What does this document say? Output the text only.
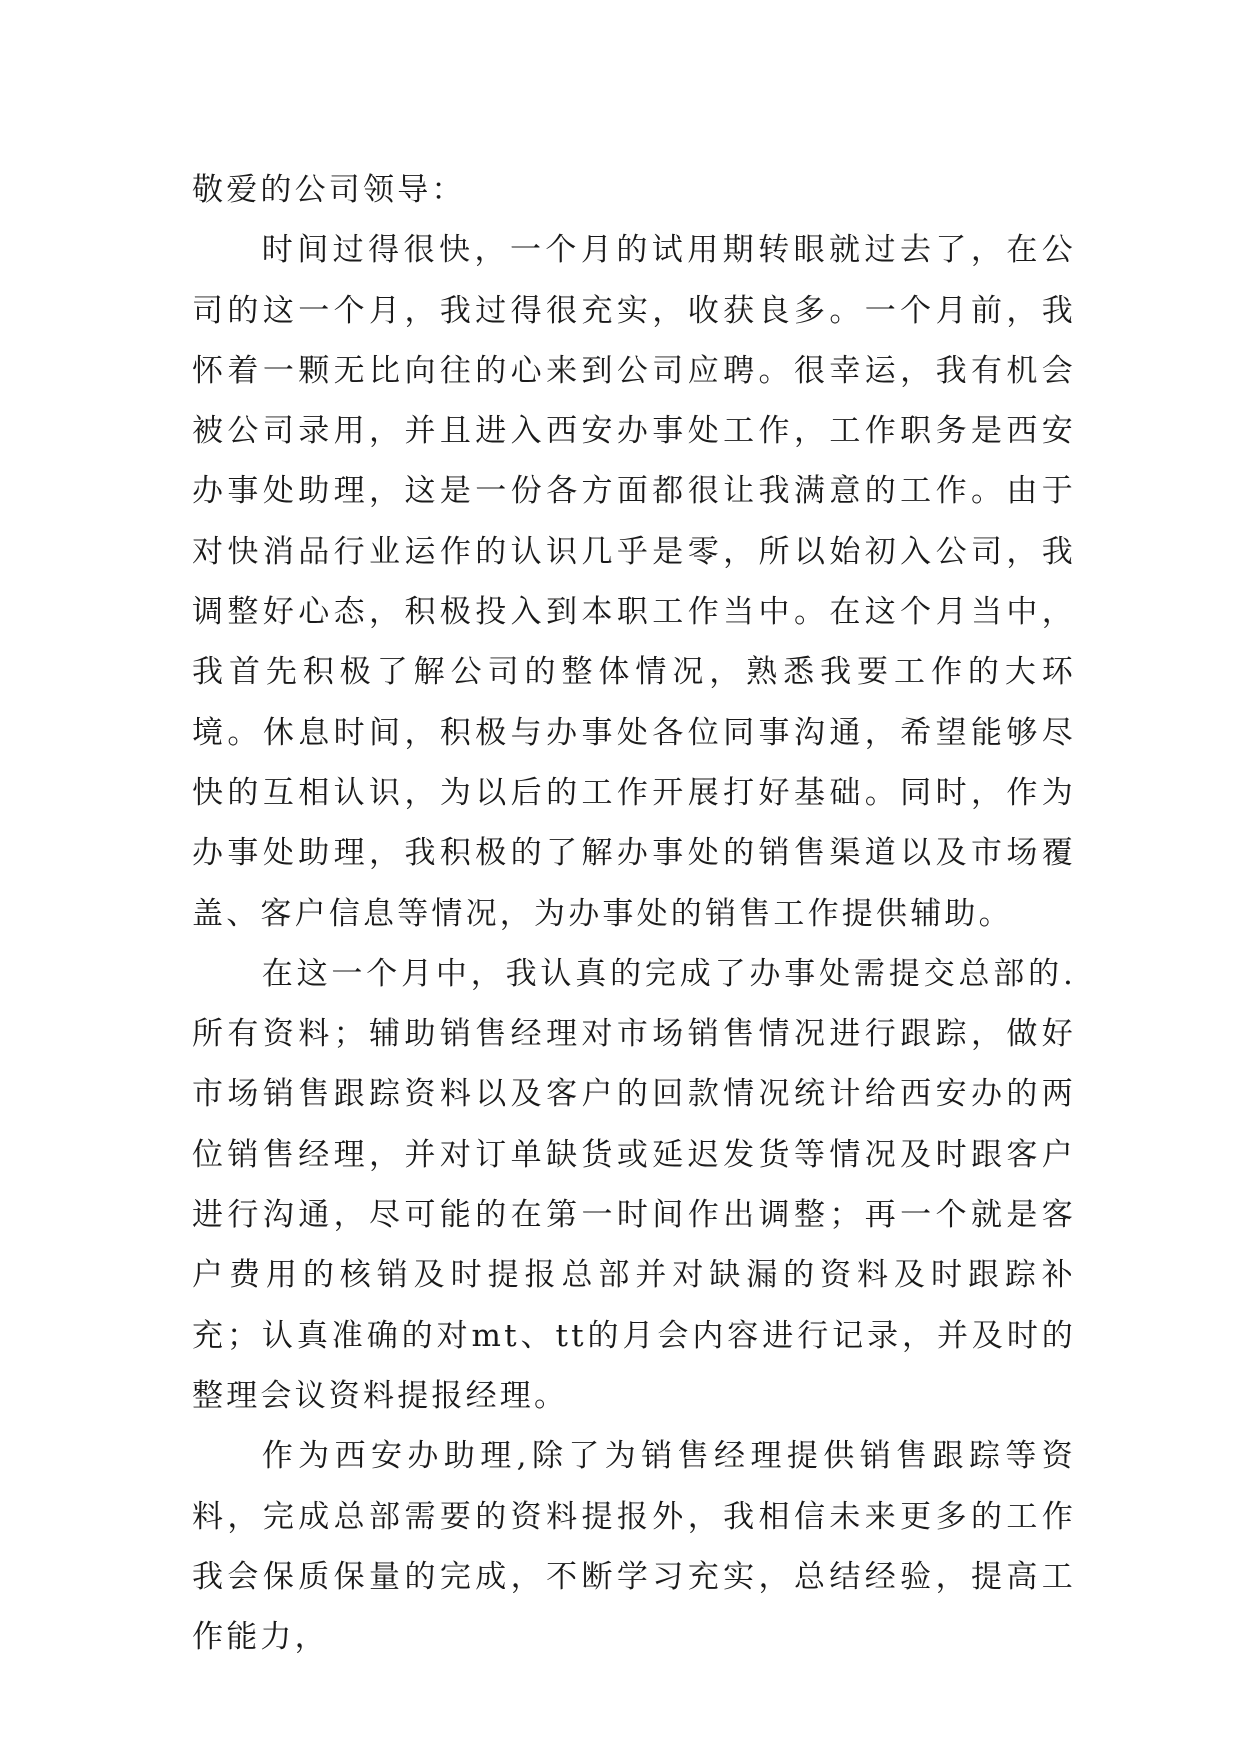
敬爱的公司领导：

时间过得很快，一个月的试用期转眼就过去了，在公司的这一个月，我过得很充实，收获良多。一个月前，我怀着一颗无比向往的心来到公司应聘。很幸运，我有机会被公司录用，并且进入西安办事处工作，工作职务是西安办事处助理，这是一份各方面都很让我满意的工作。由于对快消品行业运作的认识几乎是零，所以始初入公司，我调整好心态，积极投入到本职工作当中。在这个月当中，我首先积极了解公司的整体情况，熟悉我要工作的大环境。休息时间，积极与办事处各位同事沟通，希望能够尽快的互相认识，为以后的工作开展打好基础。同时，作为办事处助理，我积极的了解办事处的销售渠道以及市场覆盖、客户信息等情况，为办事处的销售工作提供辅助。

在这一个月中，我认真的完成了办事处需提交总部的.所有资料；辅助销售经理对市场销售情况进行跟踪，做好市场销售跟踪资料以及客户的回款情况统计给西安办的两位销售经理，并对订单缺货或延迟发货等情况及时跟客户进行沟通，尽可能的在第一时间作出调整；再一个就是客户费用的核销及时提报总部并对缺漏的资料及时跟踪补充；认真准确的对mt、tt的月会内容进行记录，并及时的整理会议资料提报经理。

作为西安办助理,除了为销售经理提供销售跟踪等资料，完成总部需要的资料提报外，我相信未来更多的工作我会保质保量的完成，不断学习充实，总结经验，提高工作能力，
